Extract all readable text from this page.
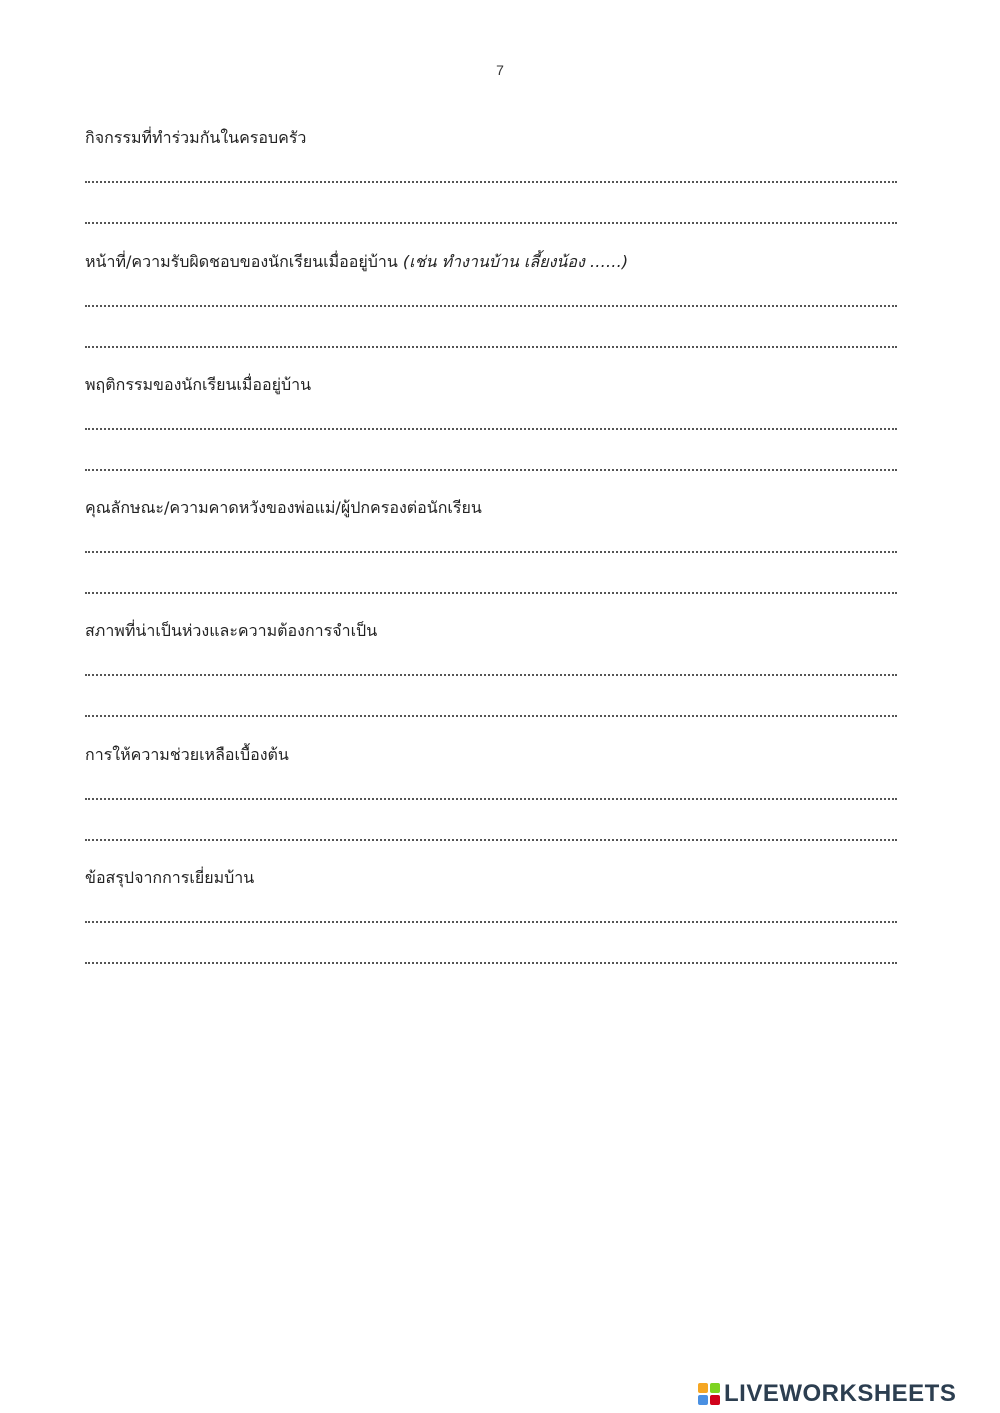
7
กิจกรรมที่ทำร่วมกันในครอบครัว
หน้าที่/ความรับผิดชอบของนักเรียนเมื่ออยู่บ้าน (เช่น ทำงานบ้าน เลี้ยงน้อง ……)
พฤติกรรมของนักเรียนเมื่ออยู่บ้าน
คุณลักษณะ/ความคาดหวังของพ่อแม่/ผู้ปกครองต่อนักเรียน
สภาพที่น่าเป็นห่วงและความต้องการจำเป็น
การให้ความช่วยเหลือเบื้องต้น
ข้อสรุปจากการเยี่ยมบ้าน
LIVEWORKSHEETS
